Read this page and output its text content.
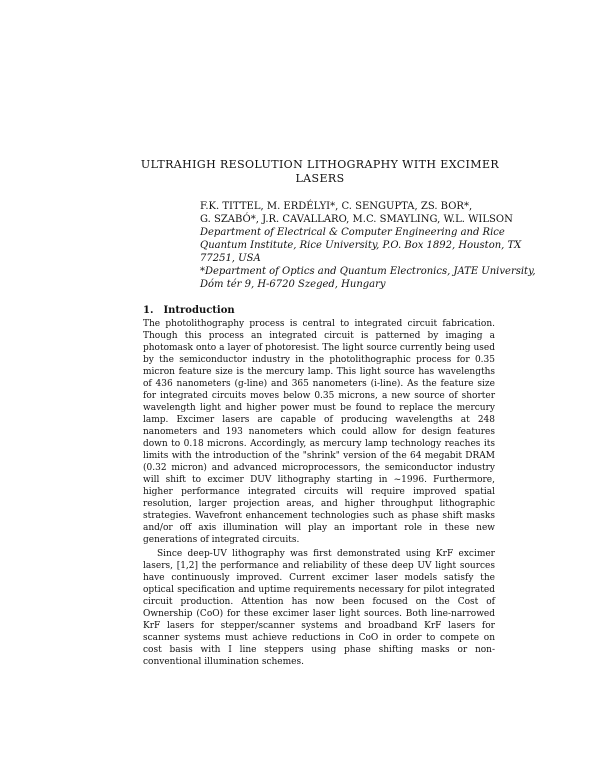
ULTRAHIGH RESOLUTION LITHOGRAPHY WITH EXCIMER
LASERS
F.K. TITTEL, M. ERDÉLYI*, C. SENGUPTA, ZS. BOR*,
G. SZABÓ*, J.R. CAVALLARO, M.C. SMAYLING, W.L. WILSON
Department of Electrical & Computer Engineering and Rice
Quantum Institute, Rice University, P.O. Box 1892, Houston, TX
77251, USA
*Department of Optics and Quantum Electronics, JATE University,
Dóm tér 9, H-6720 Szeged, Hungary
1. Introduction

The photolithography process is central to integrated circuit fabrication. Though this process an integrated circuit is patterned by imaging a photomask onto a layer of photoresist. The light source currently being used by the semiconductor industry in the photolithographic process for 0.35 micron feature size is the mercury lamp. This light source has wavelengths of 436 nanometers (g-line) and 365 nanometers (i-line). As the feature size for integrated circuits moves below 0.35 microns, a new source of shorter wavelength light and higher power must be found to replace the mercury lamp. Excimer lasers are capable of producing wavelengths at 248 nanometers and 193 nanometers which could allow for design features down to 0.18 microns. Accordingly, as mercury lamp technology reaches its limits with the introduction of the "shrink" version of the 64 megabit DRAM (0.32 micron) and advanced microprocessors, the semiconductor industry will shift to excimer DUV lithography starting in ~1996. Furthermore, higher performance integrated circuits will require improved spatial resolution, larger projection areas, and higher throughput lithographic strategies. Wavefront enhancement technologies such as phase shift masks and/or off axis illumination will play an important role in these new generations of integrated circuits.

Since deep-UV lithography was first demonstrated using KrF excimer lasers, [1,2] the performance and reliability of these deep UV light sources have continuously improved. Current excimer laser models satisfy the optical specification and uptime requirements necessary for pilot integrated circuit production. Attention has now been focused on the Cost of Ownership (CoO) for these excimer laser light sources. Both line-narrowed KrF lasers for stepper/scanner systems and broadband KrF lasers for scanner systems must achieve reductions in CoO in order to compete on cost basis with I line steppers using phase shifting masks or non-conventional illumination schemes.
